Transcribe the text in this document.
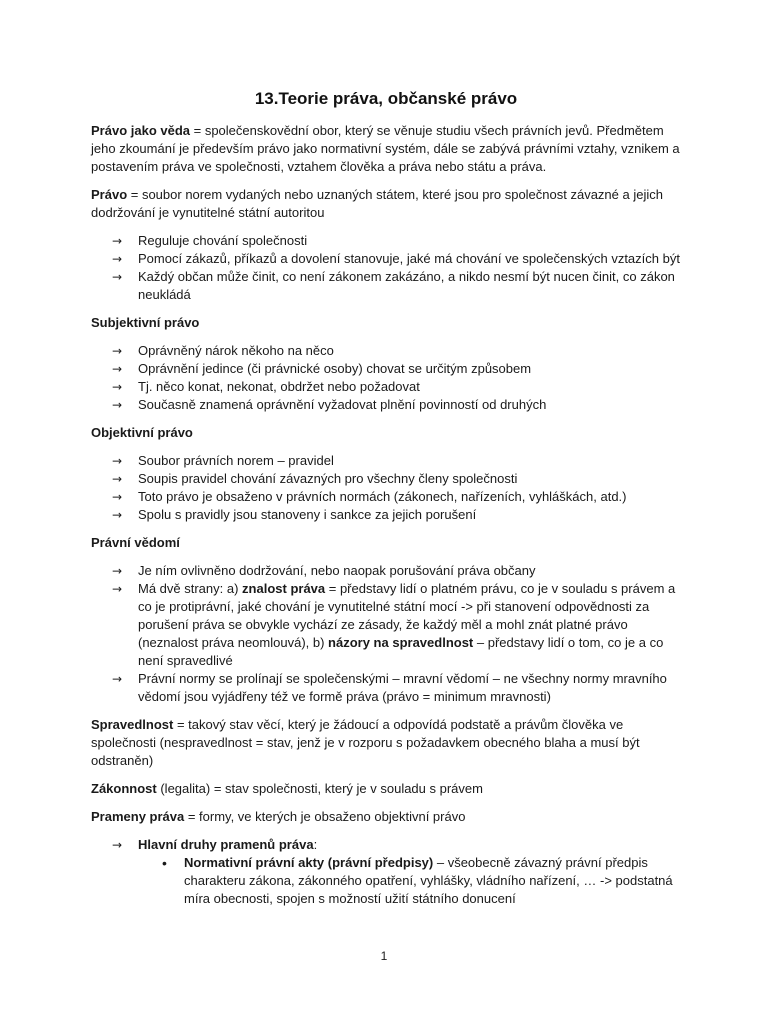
13.Teorie práva, občanské právo

Právo jako věda = společenskovědní obor, který se věnuje studiu všech právních jevů. Předmětem jeho zkoumání je především právo jako normativní systém, dále se zabývá právními vztahy, vznikem a postavením práva ve společnosti, vztahem člověka a práva nebo státu a práva.

Právo = soubor norem vydaných nebo uznaných státem, které jsou pro společnost závazné a jejich dodržování je vynutitelné státní autoritou

→	Reguluje chování společnosti
→	Pomocí zákazů, příkazů a dovolení stanovuje, jaké má chování ve společenských vztazích být
→	Každý občan může činit, co není zákonem zakázáno, a nikdo nesmí být nucen činit, co zákon neukládá
Subjektivní právo
→	Oprávněný nárok někoho na něco
→	Oprávnění jedince (či právnické osoby) chovat se určitým způsobem
→	Tj. něco konat, nekonat, obdržet nebo požadovat
→	Současně znamená oprávnění vyžadovat plnění povinností od druhých
Objektivní právo
→	Soubor právních norem – pravidel
→	Soupis pravidel chování závazných pro všechny členy společnosti
→	Toto právo je obsaženo v právních normách (zákonech, nařízeních, vyhláškách, atd.)
→	Spolu s pravidly jsou stanoveny i sankce za jejich porušení
Právní vědomí
→	Je ním ovlivněno dodržování, nebo naopak porušování práva občany
→	Má dvě strany: a) znalost práva = představy lidí o platném právu, co je v souladu s právem a co je protiprávní, jaké chování je vynutitelné státní mocí -> při stanovení odpovědnosti za porušení práva se obvykle vychází ze zásady, že každý měl a mohl znát platné právo (neznalost práva neomlouvá), b) názory na spravedlnost – představy lidí o tom, co je a co není spravedlivé
→	Právní normy se prolínají se společenskými – mravní vědomí – ne všechny normy mravního vědomí jsou vyjádřeny též ve formě práva (právo = minimum mravnosti)

Spravedlnost = takový stav věcí, který je žádoucí a odpovídá podstatě a právům člověka ve společnosti (nespravedlnost = stav, jenž je v rozporu s požadavkem obecného blaha a musí být odstraněn)

Zákonnost (legalita) = stav společnosti, který je v souladu s právem

Prameny práva = formy, ve kterých je obsaženo objektivní právo

→	Hlavní druhy pramenů práva:
• Normativní právní akty (právní předpisy) – všeobecně závazný právní předpis charakteru zákona, zákonného opatření, vyhlášky, vládního nařízení, … -> podstatná míra obecnosti, spojen s možností užití státního donucení
1
